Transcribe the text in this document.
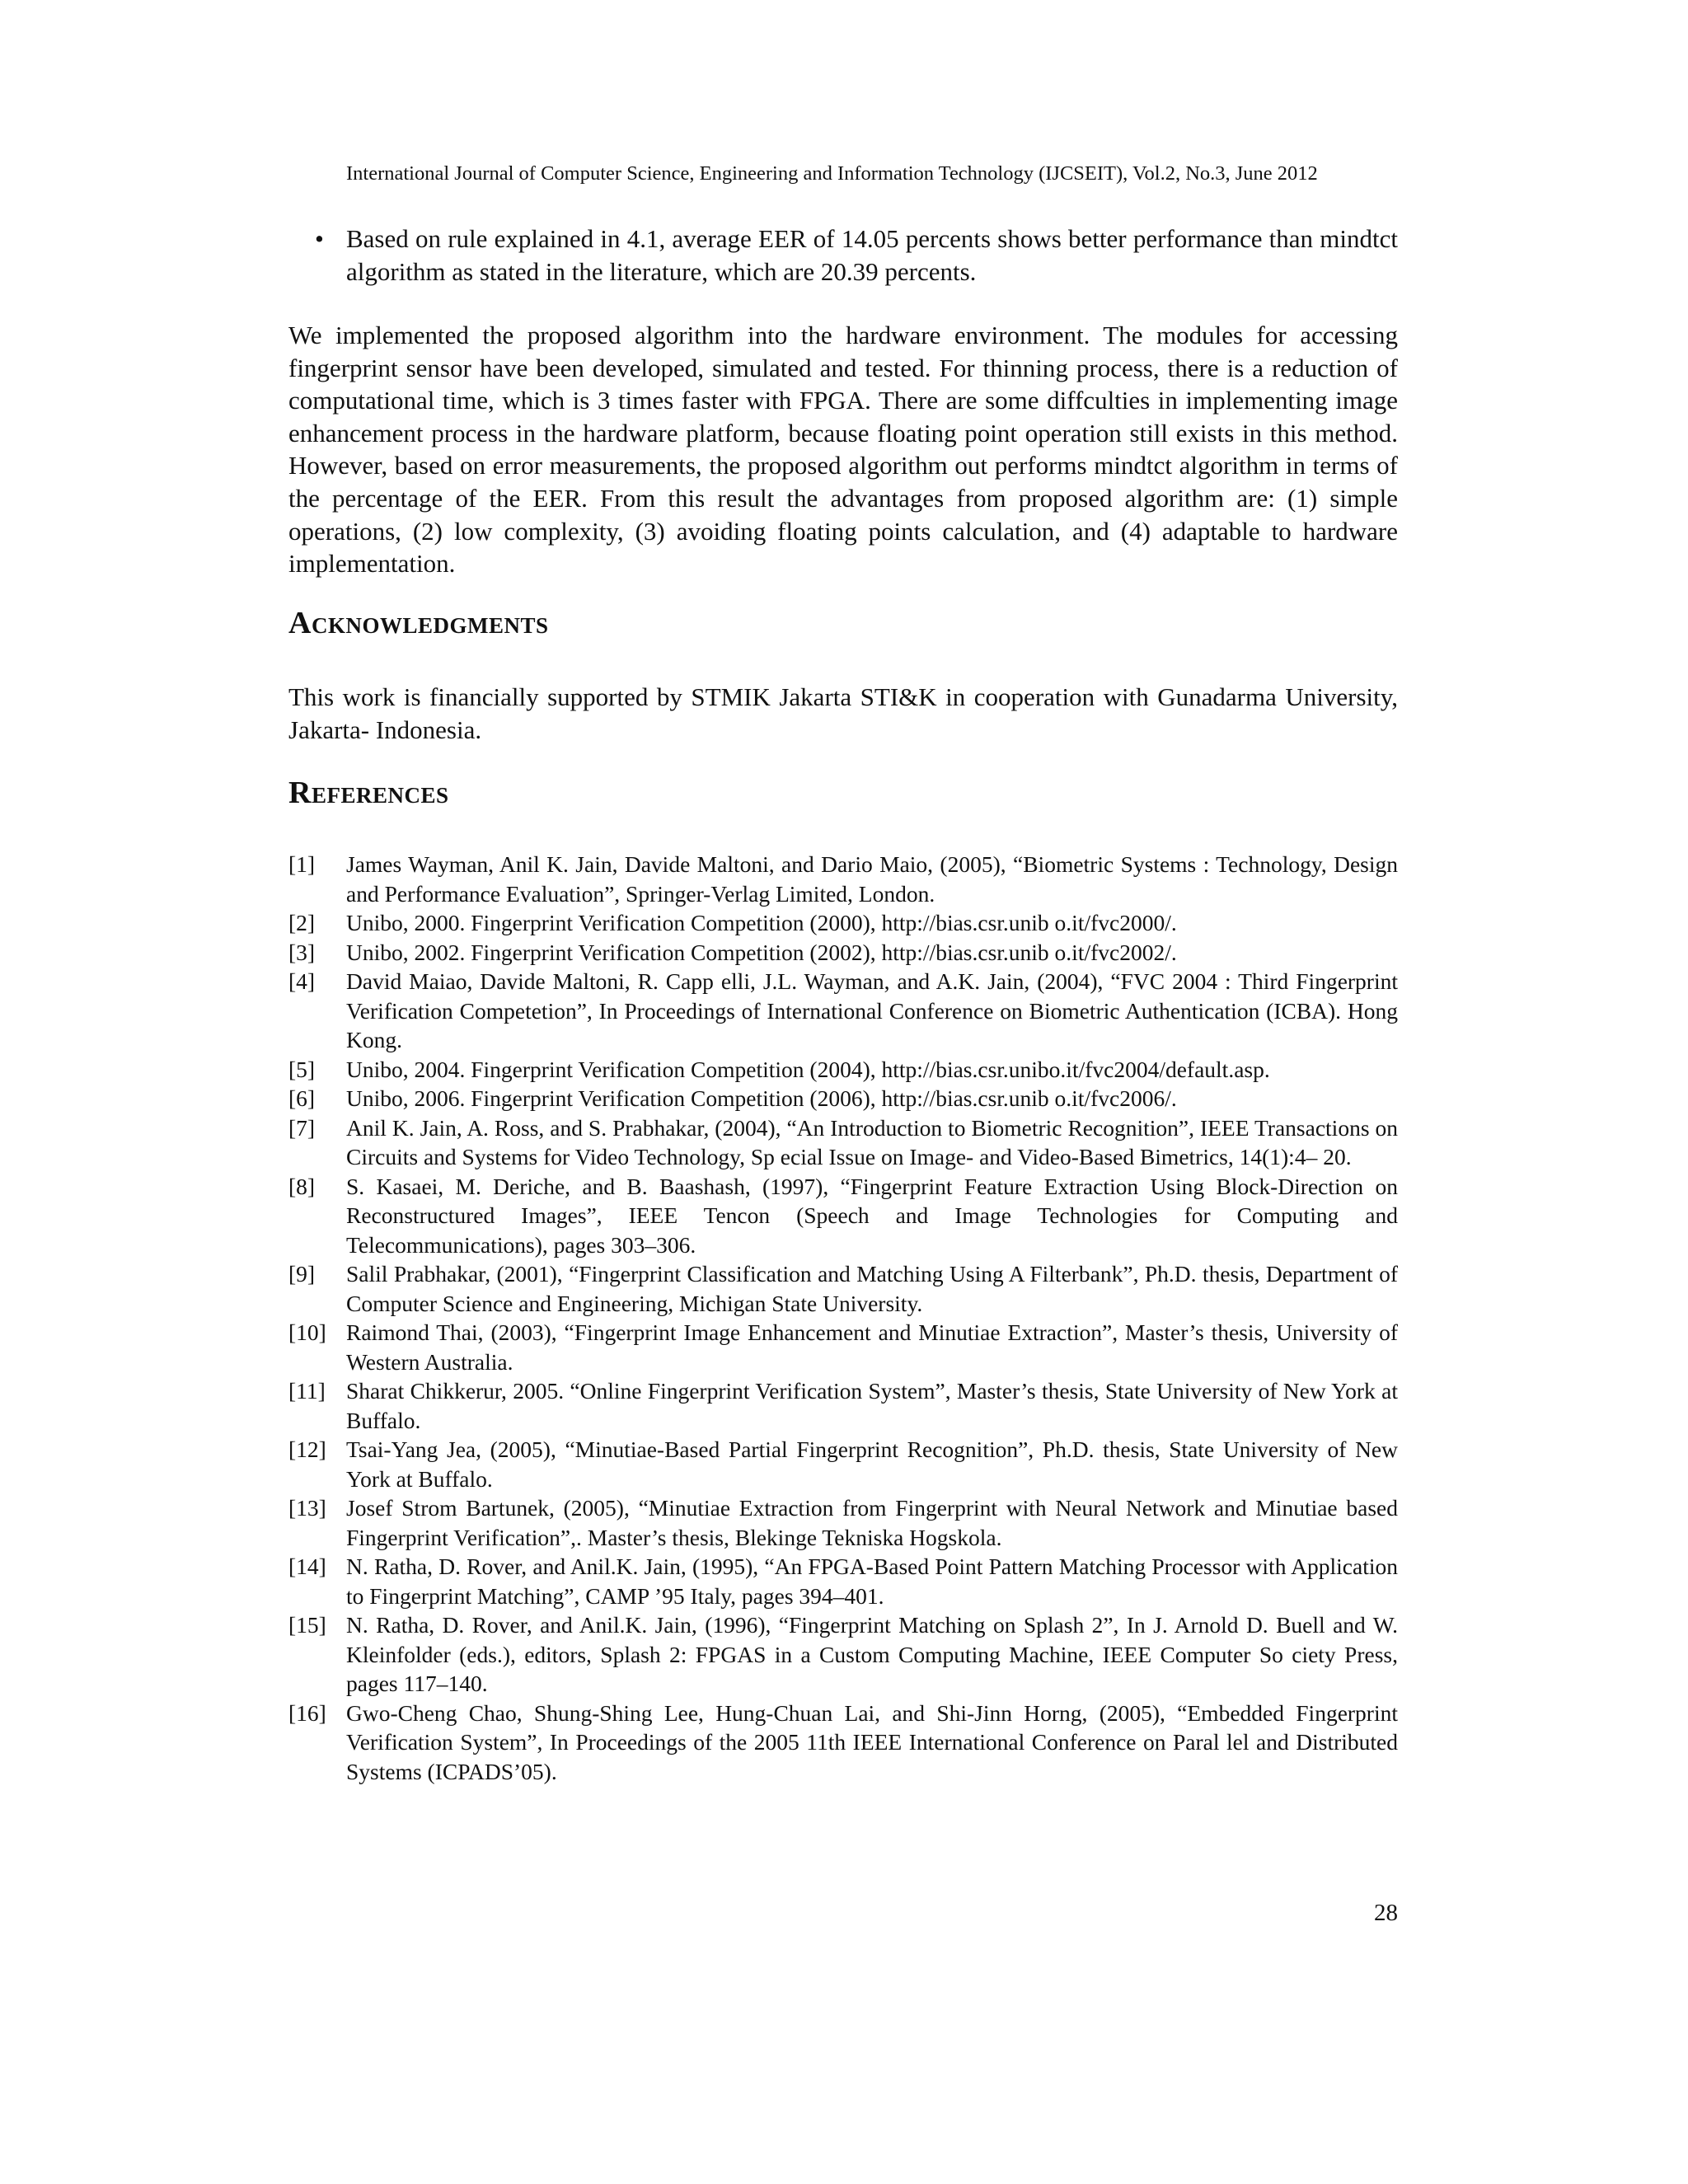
International Journal of Computer Science, Engineering and Information Technology (IJCSEIT), Vol.2, No.3, June 2012
• Based on rule explained in 4.1, average EER of 14.05 percents shows better performance than mindtct algorithm as stated in the literature, which are 20.39 percents.

We implemented the proposed algorithm into the hardware environment. The modules for accessing fingerprint sensor have been developed, simulated and tested. For thinning process, there is a reduction of computational time, which is 3 times faster with FPGA. There are some diffculties in implementing image enhancement process in the hardware platform, because floating point operation still exists in this method. However, based on error measurements, the proposed algorithm out performs mindtct algorithm in terms of the percentage of the EER. From this result the advantages from proposed algorithm are: (1) simple operations, (2) low complexity, (3) avoiding floating points calculation, and (4) adaptable to hardware implementation.

Acknowledgments

This work is financially supported by STMIK Jakarta STI&K in cooperation with Gunadarma University, Jakarta- Indonesia.

References
[1] James Wayman, Anil K. Jain, Davide Maltoni, and Dario Maio, (2005), “Biometric Systems : Technology, Design and Performance Evaluation”, Springer-Verlag Limited, London.
[2] Unibo, 2000. Fingerprint Verification Competition (2000), http://bias.csr.unib o.it/fvc2000/.
[3] Unibo, 2002. Fingerprint Verification Competition (2002), http://bias.csr.unib o.it/fvc2002/.
[4] David Maiao, Davide Maltoni, R. Capp elli, J.L. Wayman, and A.K. Jain, (2004), “FVC 2004 : Third Fingerprint Verification Competetion”, In Proceedings of International Conference on Biometric Authentication (ICBA). Hong Kong.
[5] Unibo, 2004. Fingerprint Verification Competition (2004), http://bias.csr.unibo.it/fvc2004/default.asp.
[6] Unibo, 2006. Fingerprint Verification Competition (2006), http://bias.csr.unib o.it/fvc2006/.
[7] Anil K. Jain, A. Ross, and S. Prabhakar, (2004), “An Introduction to Biometric Recognition”, IEEE Transactions on Circuits and Systems for Video Technology, Sp ecial Issue on Image- and Video-Based Bimetrics, 14(1):4– 20.
[8] S. Kasaei, M. Deriche, and B. Baashash, (1997), “Fingerprint Feature Extraction Using Block-Direction on Reconstructured Images”, IEEE Tencon (Speech and Image Technologies for Computing and Telecommunications), pages 303–306.
[9] Salil Prabhakar, (2001), “Fingerprint Classification and Matching Using A Filterbank”, Ph.D. thesis, Department of Computer Science and Engineering, Michigan State University.
[10] Raimond Thai, (2003), “Fingerprint Image Enhancement and Minutiae Extraction”, Master’s thesis, University of Western Australia.
[11] Sharat Chikkerur, 2005. “Online Fingerprint Verification System”, Master’s thesis, State University of New York at Buffalo.
[12] Tsai-Yang Jea, (2005), “Minutiae-Based Partial Fingerprint Recognition”, Ph.D. thesis, State University of New York at Buffalo.
[13] Josef Strom Bartunek, (2005), “Minutiae Extraction from Fingerprint with Neural Network and Minutiae based Fingerprint Verification”,. Master’s thesis, Blekinge Tekniska Hogskola.
[14] N. Ratha, D. Rover, and Anil.K. Jain, (1995), “An FPGA-Based Point Pattern Matching Processor with Application to Fingerprint Matching”, CAMP ’95 Italy, pages 394–401.
[15] N. Ratha, D. Rover, and Anil.K. Jain, (1996), “Fingerprint Matching on Splash 2”, In J. Arnold D. Buell and W. Kleinfolder (eds.), editors, Splash 2: FPGAS in a Custom Computing Machine, IEEE Computer So ciety Press, pages 117–140.
[16] Gwo-Cheng Chao, Shung-Shing Lee, Hung-Chuan Lai, and Shi-Jinn Horng, (2005), “Embedded Fingerprint Verification System”, In Proceedings of the 2005 11th IEEE International Conference on Paral lel and Distributed Systems (ICPADS’05).
28
